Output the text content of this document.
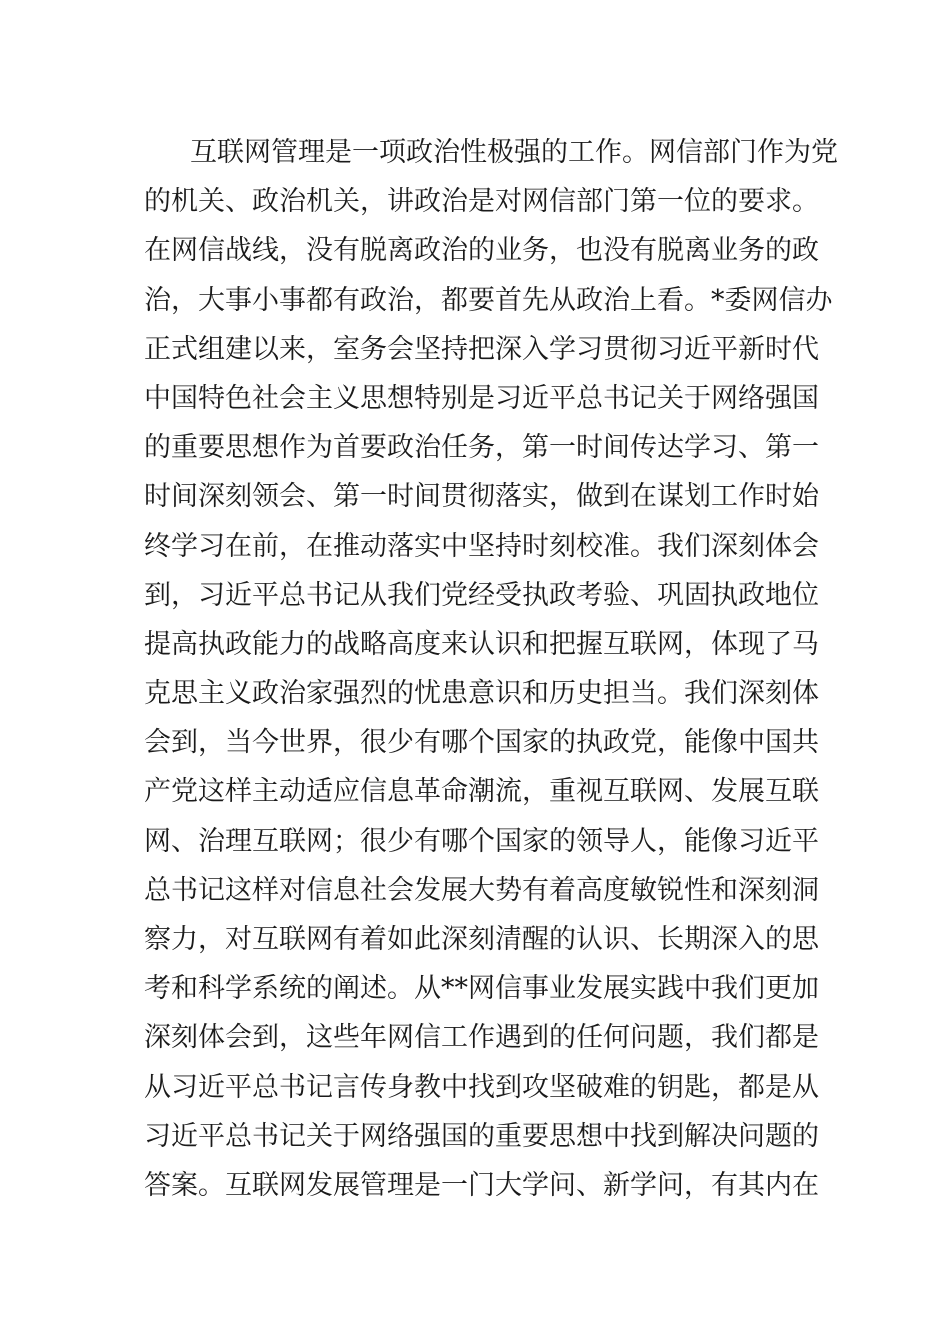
互联网管理是一项政治性极强的工作。网信部门作为党
的机关、政治机关，讲政治是对网信部门第一位的要求。
在网信战线，没有脱离政治的业务，也没有脱离业务的政
治，大事小事都有政治，都要首先从政治上看。*委网信办
正式组建以来，室务会坚持把深入学习贯彻习近平新时代
中国特色社会主义思想特别是习近平总书记关于网络强国
的重要思想作为首要政治任务，第一时间传达学习、第一
时间深刻领会、第一时间贯彻落实，做到在谋划工作时始
终学习在前，在推动落实中坚持时刻校准。我们深刻体会
到，习近平总书记从我们党经受执政考验、巩固执政地位
提高执政能力的战略高度来认识和把握互联网，体现了马
克思主义政治家强烈的忧患意识和历史担当。我们深刻体
会到，当今世界，很少有哪个国家的执政党，能像中国共
产党这样主动适应信息革命潮流，重视互联网、发展互联
网、治理互联网；很少有哪个国家的领导人，能像习近平
总书记这样对信息社会发展大势有着高度敏锐性和深刻洞
察力，对互联网有着如此深刻清醒的认识、长期深入的思
考和科学系统的阐述。从**网信事业发展实践中我们更加
深刻体会到，这些年网信工作遇到的任何问题，我们都是
从习近平总书记言传身教中找到攻坚破难的钥匙，都是从
习近平总书记关于网络强国的重要思想中找到解决问题的
答案。互联网发展管理是一门大学问、新学问，有其内在
